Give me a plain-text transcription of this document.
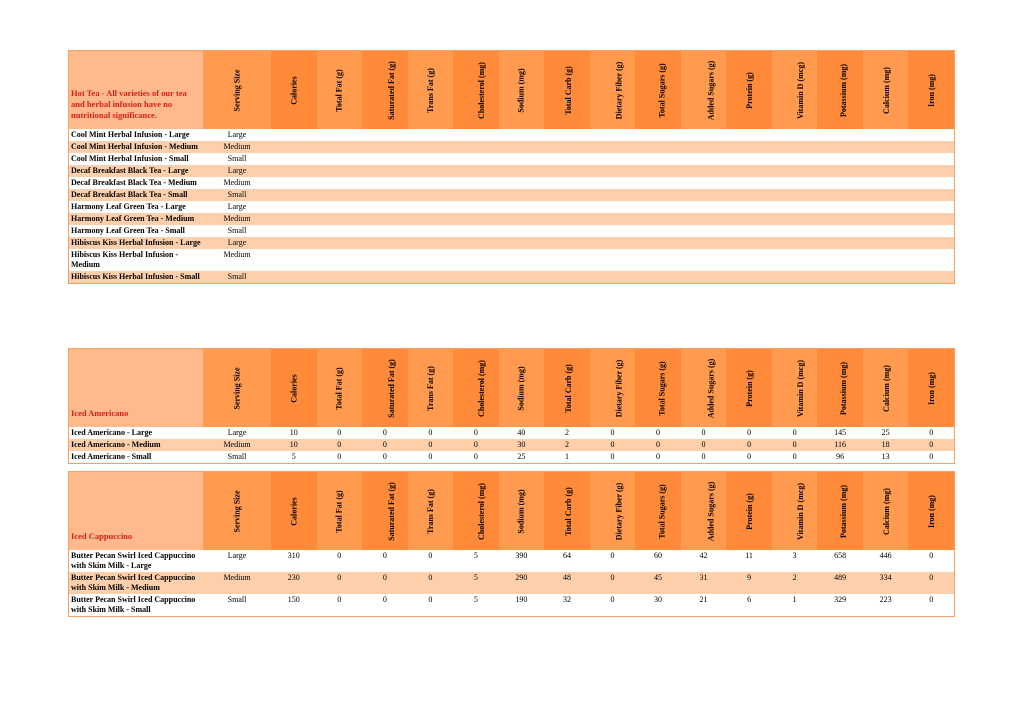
Hot Tea - All varieties of our tea and herbal infusion have no nutritional significance.	Serving Size	Calories	Total Fat (g)	Saturated Fat (g)	Trans Fat (g)	Cholesterol (mg)	Sodium (mg)	Total Carb (g)	Dietary Fiber (g)	Total Sugars (g)	Added Sugars (g)	Protein (g)	Vitamin D (mcg)	Potassium (mg)	Calcium (mg)	Iron (mg)
Cool Mint Herbal Infusion - Large	Large															
Cool Mint Herbal Infusion - Medium	Medium															
Cool Mint Herbal Infusion - Small	Small															
Decaf Breakfast Black Tea - Large	Large															
Decaf Breakfast Black Tea - Medium	Medium															
Decaf Breakfast Black Tea - Small	Small															
Harmony Leaf Green Tea - Large	Large															
Harmony Leaf Green Tea - Medium	Medium															
Harmony Leaf Green Tea - Small	Small															
Hibiscus Kiss Herbal Infusion - Large	Large															
Hibiscus Kiss Herbal Infusion - Medium	Medium															
Hibiscus Kiss Herbal Infusion - Small	Small															
Iced Americano	Serving Size	Calories	Total Fat (g)	Saturated Fat (g)	Trans Fat (g)	Cholesterol (mg)	Sodium (mg)	Total Carb (g)	Dietary Fiber (g)	Total Sugars (g)	Added Sugars (g)	Protein (g)	Vitamin D (mcg)	Potassium (mg)	Calcium (mg)	Iron (mg)
Iced Americano - Large	Large	10	0	0	0	0	40	2	0	0	0	0	0	145	25	0
Iced Americano - Medium	Medium	10	0	0	0	0	30	2	0	0	0	0	0	116	18	0
Iced Americano - Small	Small	5	0	0	0	0	25	1	0	0	0	0	0	96	13	0
Iced Cappuccino	Serving Size	Calories	Total Fat (g)	Saturated Fat (g)	Trans Fat (g)	Cholesterol (mg)	Sodium (mg)	Total Carb (g)	Dietary Fiber (g)	Total Sugars (g)	Added Sugars (g)	Protein (g)	Vitamin D (mcg)	Potassium (mg)	Calcium (mg)	Iron (mg)
Butter Pecan Swirl Iced Cappuccino with Skim Milk - Large	Large	310	0	0	0	5	390	64	0	60	42	11	3	658	446	0
Butter Pecan Swirl Iced Cappuccino with Skim Milk - Medium	Medium	230	0	0	0	5	290	48	0	45	31	9	2	489	334	0
Butter Pecan Swirl Iced Cappuccino with Skim Milk - Small	Small	150	0	0	0	5	190	32	0	30	21	6	1	329	223	0
